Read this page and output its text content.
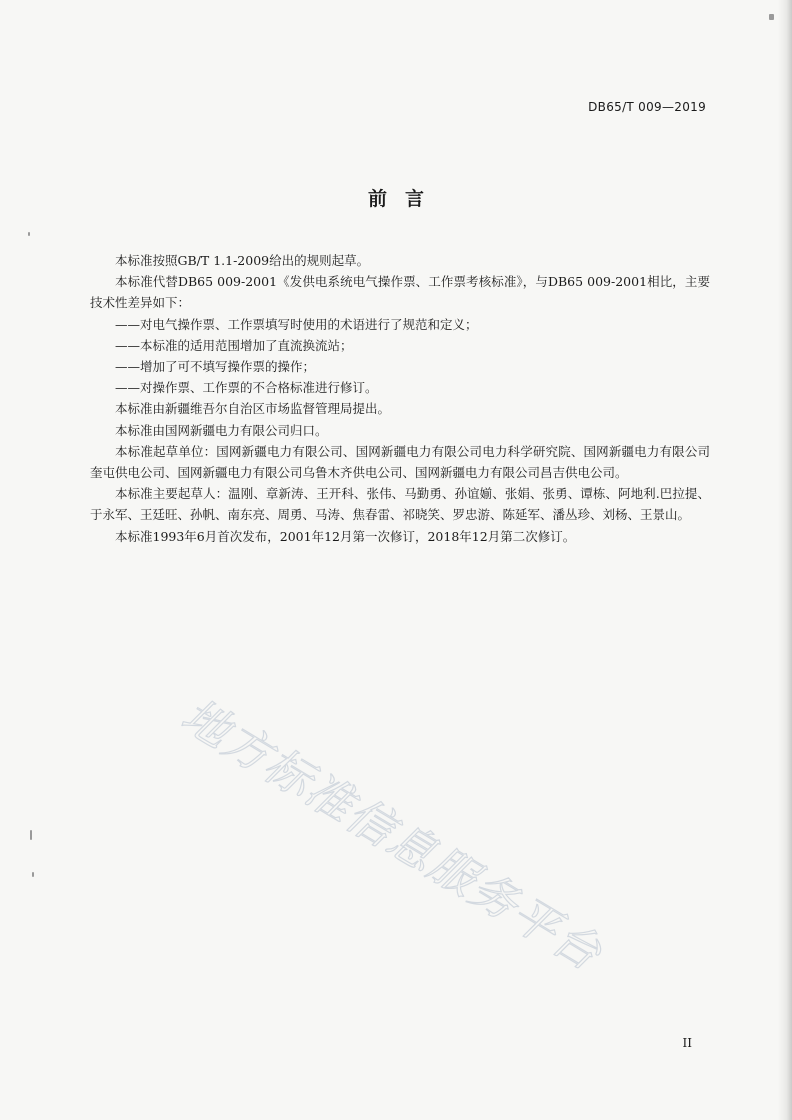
DB65/T 009—2019
前言

本标准按照GB/T 1.1-2009给出的规则起草。

本标准代替DB65 009-2001《发供电系统电气操作票、工作票考核标准》，与DB65 009-2001相比，主要技术性差异如下：

——对电气操作票、工作票填写时使用的术语进行了规范和定义；

——本标准的适用范围增加了直流换流站；

——增加了可不填写操作票的操作；

——对操作票、工作票的不合格标准进行修订。

本标准由新疆维吾尔自治区市场监督管理局提出。

本标准由国网新疆电力有限公司归口。

本标准起草单位：国网新疆电力有限公司、国网新疆电力有限公司电力科学研究院、国网新疆电力有限公司奎屯供电公司、国网新疆电力有限公司乌鲁木齐供电公司、国网新疆电力有限公司昌吉供电公司。

本标准主要起草人：温刚、章新涛、王开科、张伟、马勤勇、孙谊媊、张娟、张勇、谭栋、阿地利.巴拉提、于永军、王廷旺、孙帆、南东亮、周勇、马涛、焦春雷、祁晓笑、罗忠游、陈延军、潘丛珍、刘杨、王景山。

本标准1993年6月首次发布，2001年12月第一次修订，2018年12月第二次修订。

地方标准信息服务平台
II
